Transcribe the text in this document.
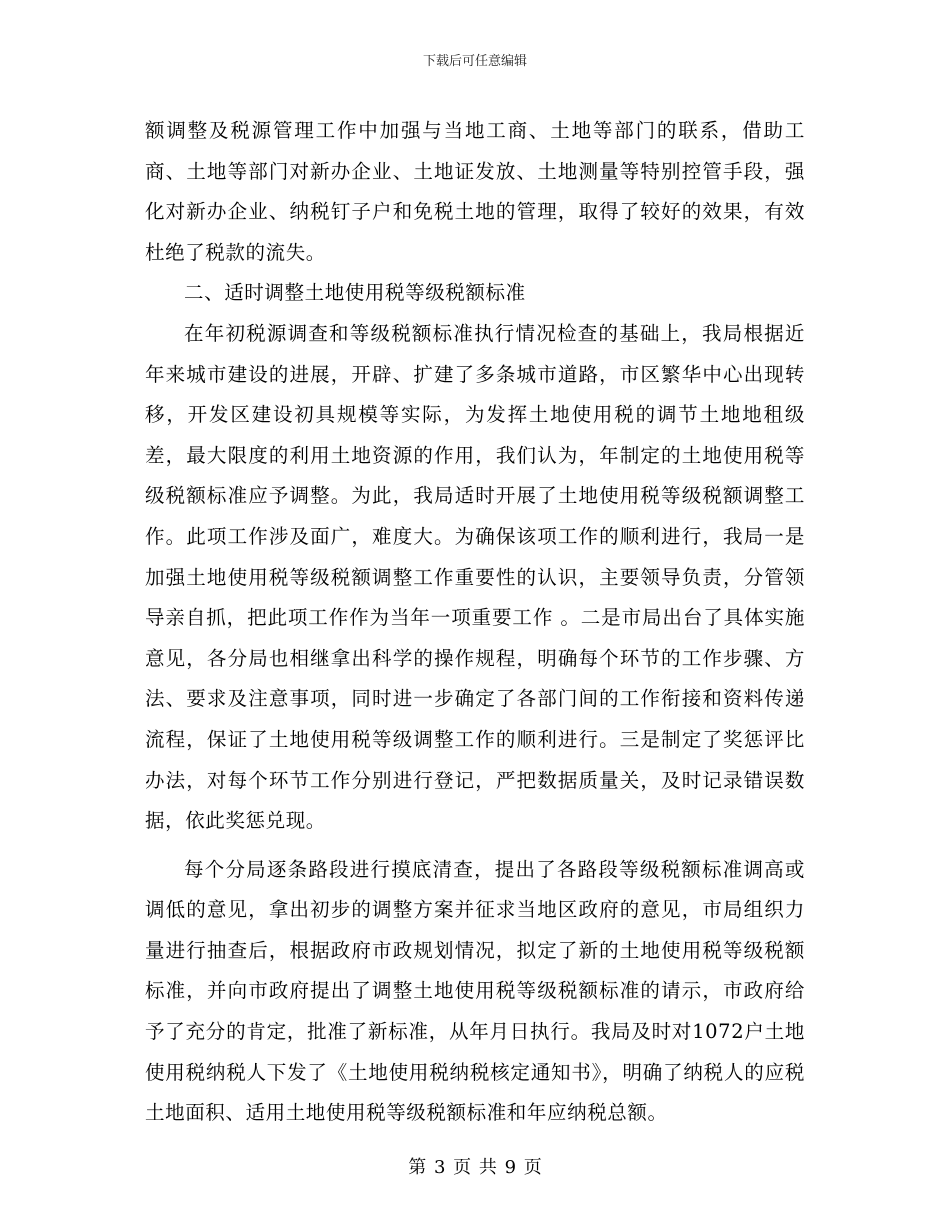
下载后可任意编辑

额调整及税源管理工作中加强与当地工商、土地等部门的联系，借助工商、土地等部门对新办企业、土地证发放、土地测量等特别控管手段，强化对新办企业、纳税钉子户和免税土地的管理，取得了较好的效果，有效杜绝了税款的流失。

二、适时调整土地使用税等级税额标准

在年初税源调查和等级税额标准执行情况检查的基础上，我局根据近年来城市建设的进展，开辟、扩建了多条城市道路，市区繁华中心出现转移，开发区建设初具规模等实际，为发挥土地使用税的调节土地地租级差，最大限度的利用土地资源的作用，我们认为，年制定的土地使用税等级税额标准应予调整。为此，我局适时开展了土地使用税等级税额调整工作。此项工作涉及面广，难度大。为确保该项工作的顺利进行，我局一是加强土地使用税等级税额调整工作重要性的认识，主要领导负责，分管领导亲自抓，把此项工作作为当年一项重要工作 。二是市局出台了具体实施意见，各分局也相继拿出科学的操作规程，明确每个环节的工作步骤、方法、要求及注意事项，同时进一步确定了各部门间的工作衔接和资料传递流程，保证了土地使用税等级调整工作的顺利进行。三是制定了奖惩评比办法，对每个环节工作分别进行登记，严把数据质量关，及时记录错误数据，依此奖惩兑现。

每个分局逐条路段进行摸底清查，提出了各路段等级税额标准调高或调低的意见，拿出初步的调整方案并征求当地区政府的意见，市局组织力量进行抽查后，根据政府市政规划情况，拟定了新的土地使用税等级税额标准，并向市政府提出了调整土地使用税等级税额标准的请示，市政府给予了充分的肯定，批准了新标准，从年月日执行。我局及时对1072户土地使用税纳税人下发了《土地使用税纳税核定通知书》，明确了纳税人的应税土地面积、适用土地使用税等级税额标准和年应纳税总额。

第 3 页 共 9 页
